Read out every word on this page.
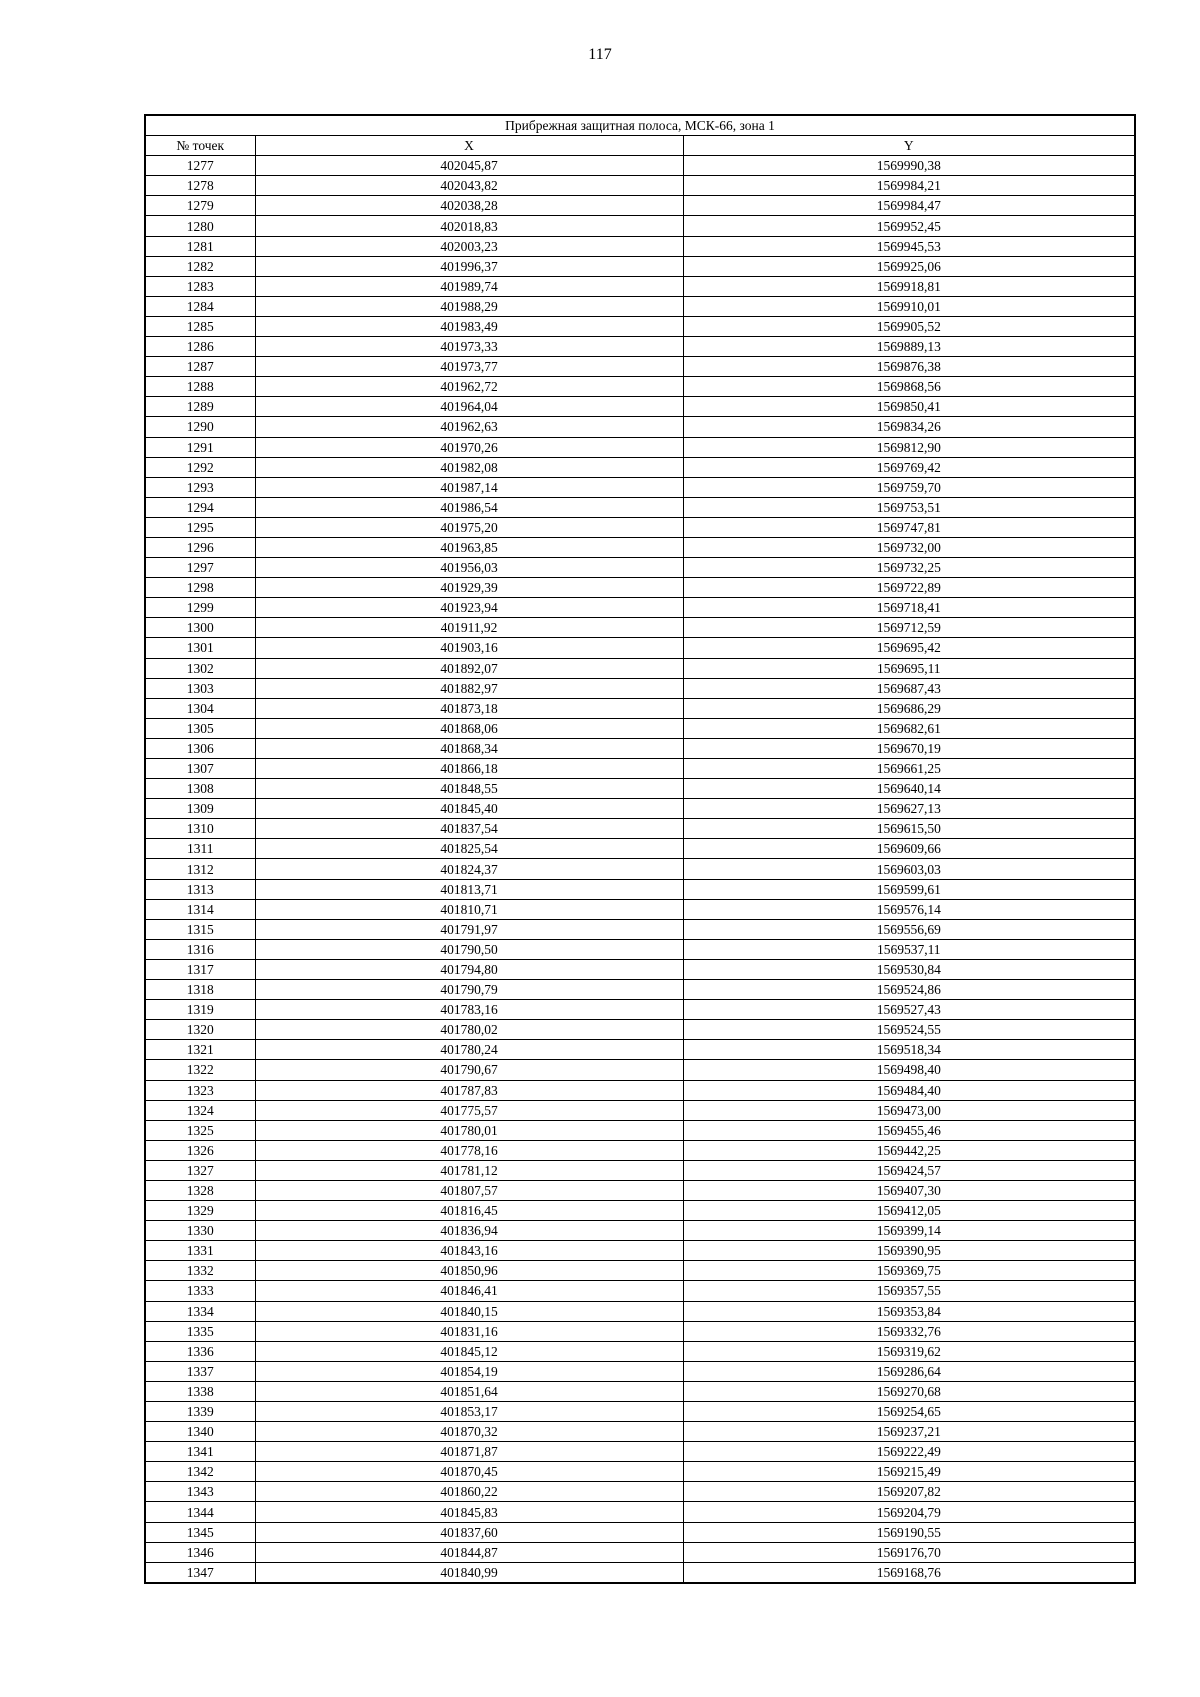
117
Прибрежная защитная полоса, МСК-66, зона 1		
№ точек	X	Y
1277	402045,87	1569990,38
1278	402043,82	1569984,21
1279	402038,28	1569984,47
1280	402018,83	1569952,45
1281	402003,23	1569945,53
1282	401996,37	1569925,06
1283	401989,74	1569918,81
1284	401988,29	1569910,01
1285	401983,49	1569905,52
1286	401973,33	1569889,13
1287	401973,77	1569876,38
1288	401962,72	1569868,56
1289	401964,04	1569850,41
1290	401962,63	1569834,26
1291	401970,26	1569812,90
1292	401982,08	1569769,42
1293	401987,14	1569759,70
1294	401986,54	1569753,51
1295	401975,20	1569747,81
1296	401963,85	1569732,00
1297	401956,03	1569732,25
1298	401929,39	1569722,89
1299	401923,94	1569718,41
1300	401911,92	1569712,59
1301	401903,16	1569695,42
1302	401892,07	1569695,11
1303	401882,97	1569687,43
1304	401873,18	1569686,29
1305	401868,06	1569682,61
1306	401868,34	1569670,19
1307	401866,18	1569661,25
1308	401848,55	1569640,14
1309	401845,40	1569627,13
1310	401837,54	1569615,50
1311	401825,54	1569609,66
1312	401824,37	1569603,03
1313	401813,71	1569599,61
1314	401810,71	1569576,14
1315	401791,97	1569556,69
1316	401790,50	1569537,11
1317	401794,80	1569530,84
1318	401790,79	1569524,86
1319	401783,16	1569527,43
1320	401780,02	1569524,55
1321	401780,24	1569518,34
1322	401790,67	1569498,40
1323	401787,83	1569484,40
1324	401775,57	1569473,00
1325	401780,01	1569455,46
1326	401778,16	1569442,25
1327	401781,12	1569424,57
1328	401807,57	1569407,30
1329	401816,45	1569412,05
1330	401836,94	1569399,14
1331	401843,16	1569390,95
1332	401850,96	1569369,75
1333	401846,41	1569357,55
1334	401840,15	1569353,84
1335	401831,16	1569332,76
1336	401845,12	1569319,62
1337	401854,19	1569286,64
1338	401851,64	1569270,68
1339	401853,17	1569254,65
1340	401870,32	1569237,21
1341	401871,87	1569222,49
1342	401870,45	1569215,49
1343	401860,22	1569207,82
1344	401845,83	1569204,79
1345	401837,60	1569190,55
1346	401844,87	1569176,70
1347	401840,99	1569168,76
